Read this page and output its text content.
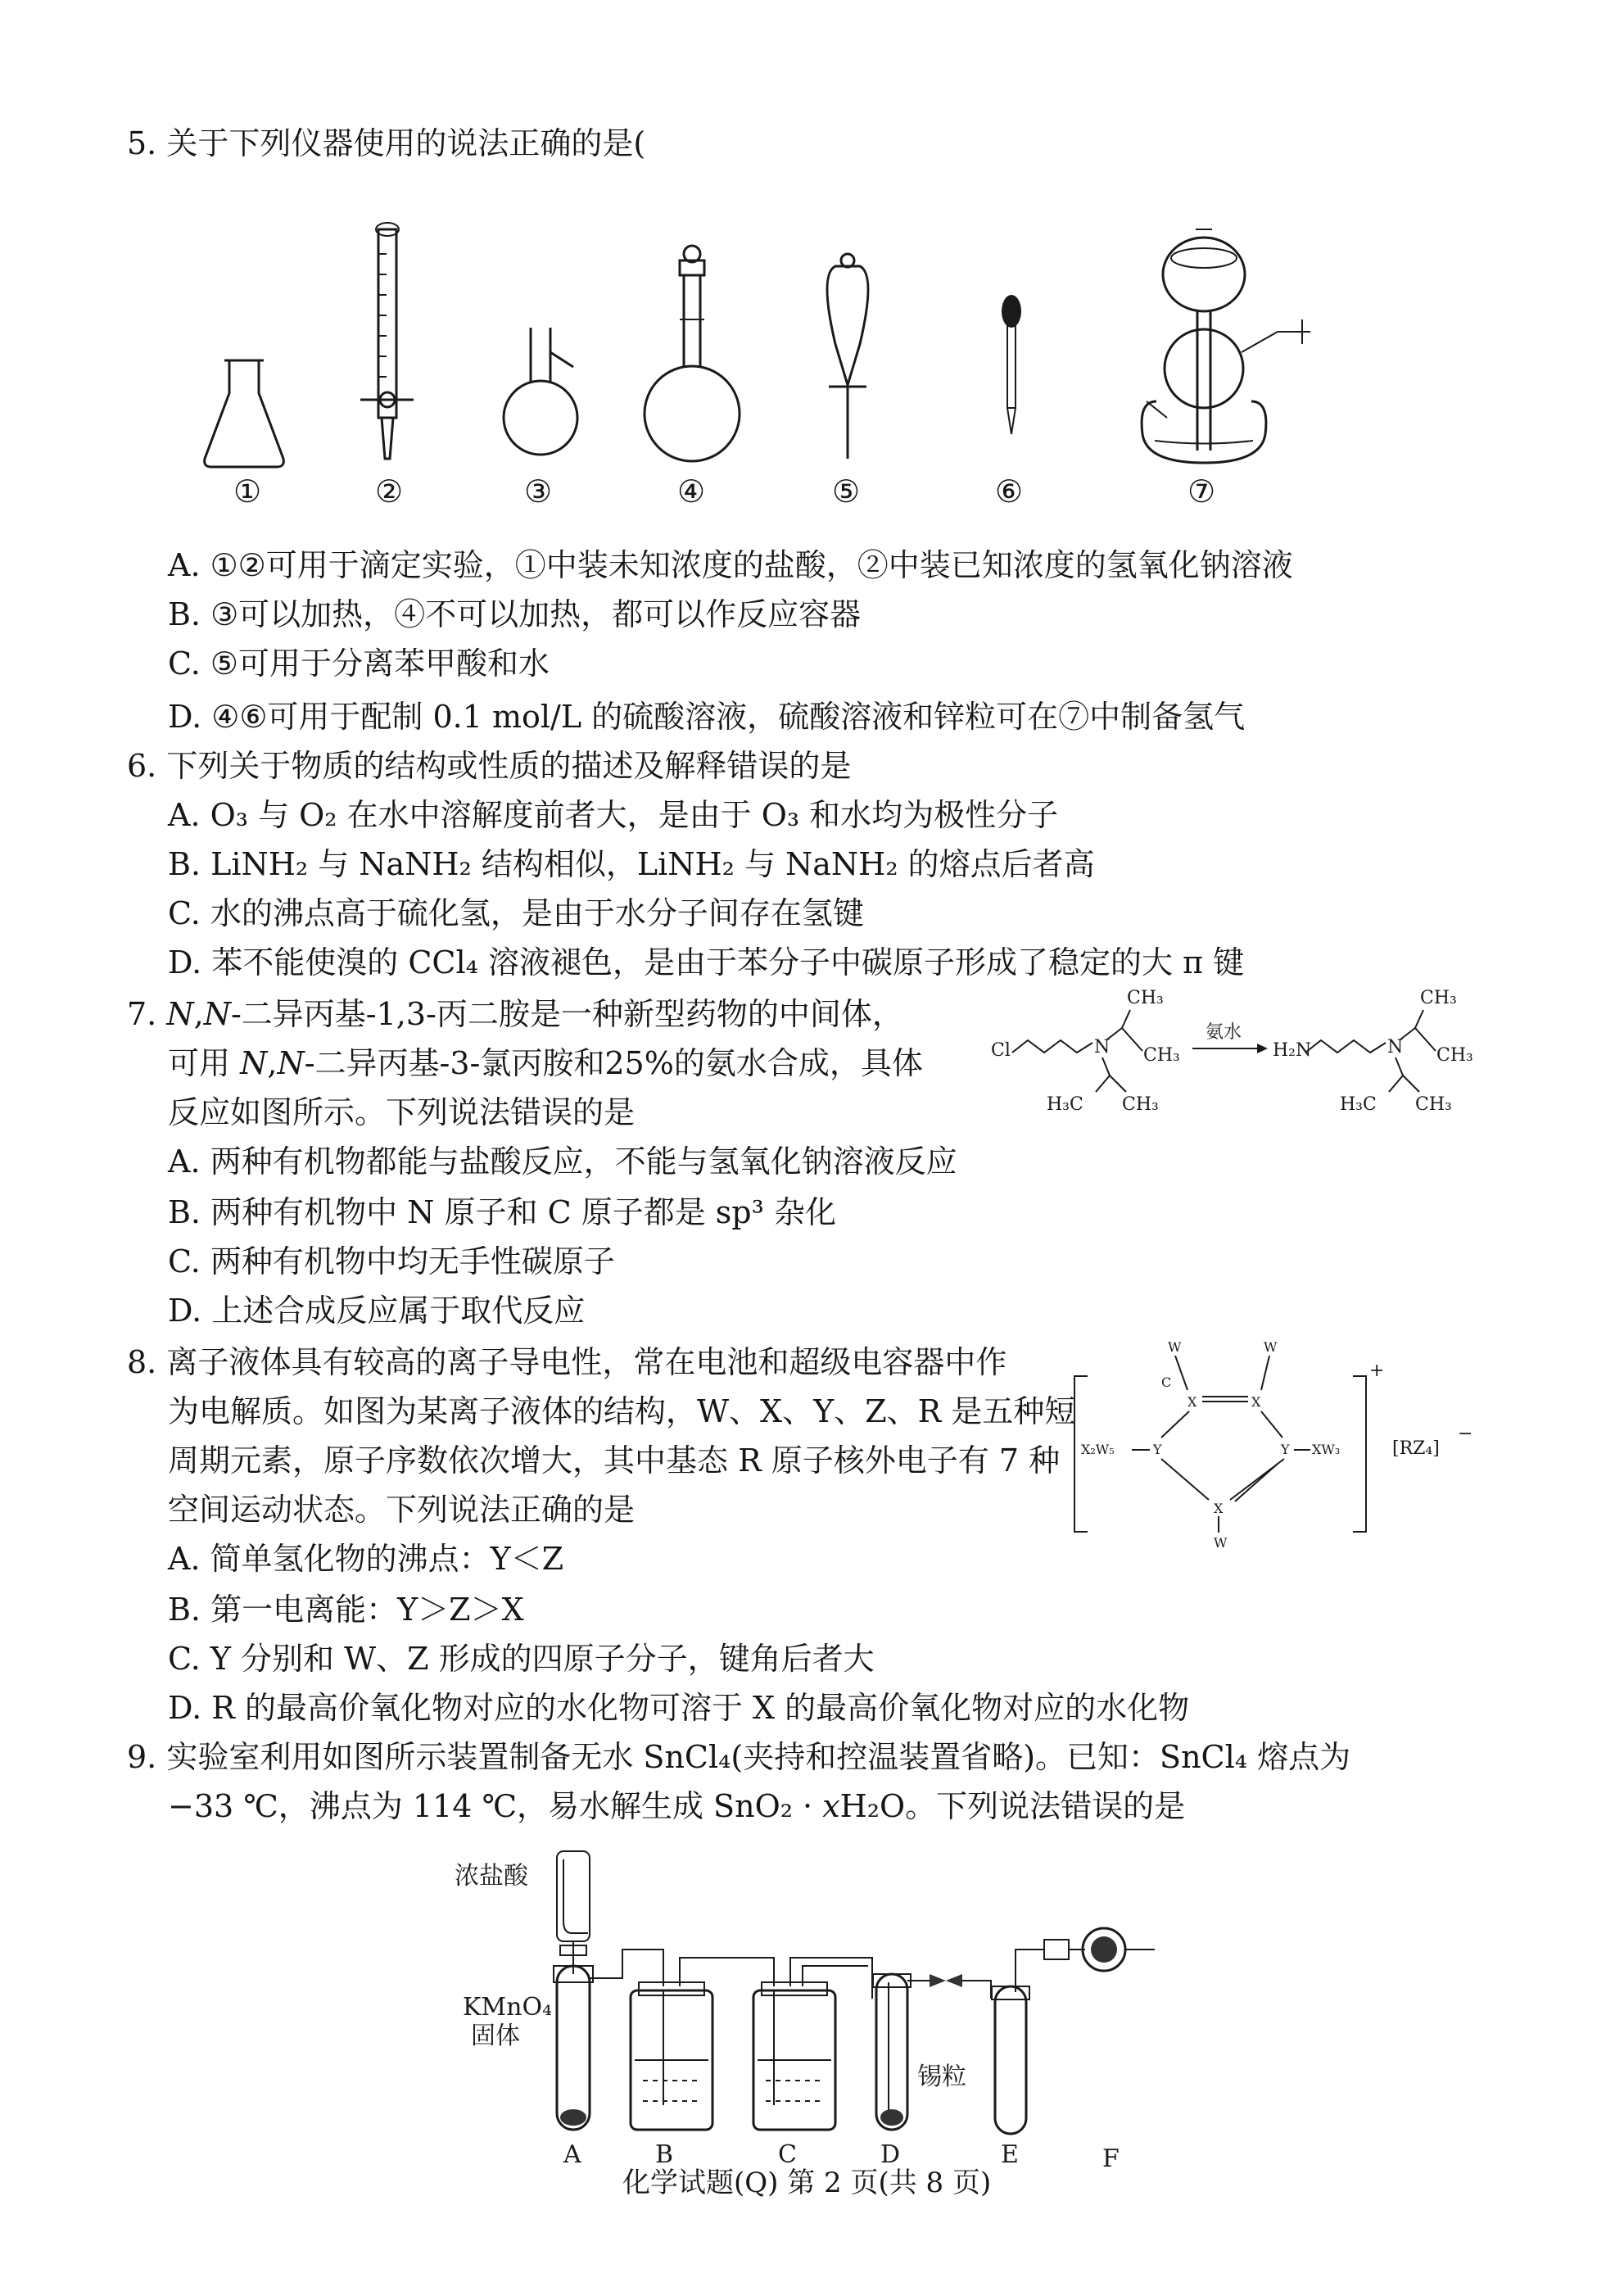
5. 关于下列仪器使用的说法正确的是(
①	②	③	④	⑤	⑥	⑦
A. ①②可用于滴定实验，①中装未知浓度的盐酸，②中装已知浓度的氢氧化钠溶液
B. ③可以加热，④不可以加热，都可以作反应容器
C. ⑤可用于分离苯甲酸和水
D. ④⑥可用于配制 0.1 mol/L 的硫酸溶液，硫酸溶液和锌粒可在⑦中制备氢气
6. 下列关于物质的结构或性质的描述及解释错误的是
A. O₃ 与 O₂ 在水中溶解度前者大，是由于 O₃ 和水均为极性分子
B. LiNH₂ 与 NaNH₂ 结构相似，LiNH₂ 与 NaNH₂ 的熔点后者高
C. 水的沸点高于硫化氢，是由于水分子间存在氢键
D. 苯不能使溴的 CCl₄ 溶液褪色，是由于苯分子中碳原子形成了稳定的大 π 键
7. N,N-二异丙基-1,3-丙二胺是一种新型药物的中间体，
可用 N,N-二异丙基-3-氯丙胺和25%的氨水合成，具体
反应如图所示。下列说法错误的是
A. 两种有机物都能与盐酸反应，不能与氢氧化钠溶液反应
B. 两种有机物中 N 原子和 C 原子都是 sp³ 杂化
C. 两种有机物中均无手性碳原子
D. 上述合成反应属于取代反应
Cl	N
CH₃
CH₃
H₃C CH₃
氨水
H₂N	N
CH₃
CH₃
H₃C CH₃
8. 离子液体具有较高的离子导电性，常在电池和超级电容器中作
为电解质。如图为某离子液体的结构，W、X、Y、Z、R 是五种短
周期元素，原子序数依次增大，其中基态 R 原子核外电子有 7 种
空间运动状态。下列说法正确的是
A. 简单氢化物的沸点：Y＜Z
B. 第一电离能：Y＞Z＞X
C. Y 分别和 W、Z 形成的四原子分子，键角后者大
D. R 的最高价氧化物对应的水化物可溶于 X 的最高价氧化物对应的水化物
+
W	W
C
X	X
Y
X₂W₅	Y XW₃
X
W
[RZ₄]
−
9. 实验室利用如图所示装置制备无水 SnCl₄(夹持和控温装置省略)。已知：SnCl₄ 熔点为
−33 ℃，沸点为 114 ℃，易水解生成 SnO₂ · xH₂O。下列说法错误的是
浓盐酸
KMnO₄
固体
锡粒
A	B	C	D	E	F
化学试题(Q) 第 2 页(共 8 页)
